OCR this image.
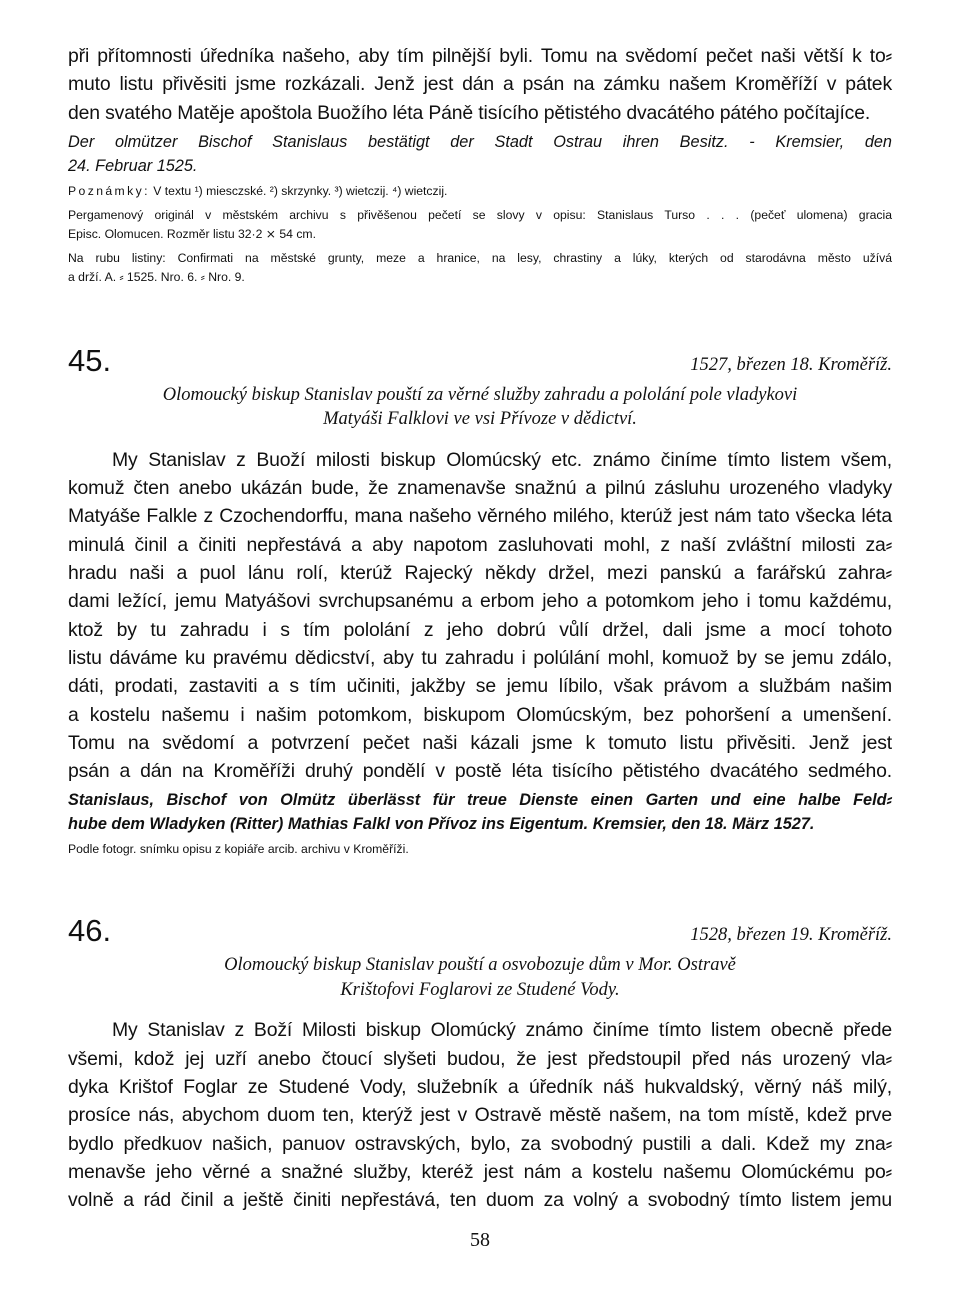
při přítomnosti úředníka našeho, aby tím pilnější byli. Tomu na svědomí pečet naši větší k to⸗
muto listu přivěsiti jsme rozkázali. Jenž jest dán a psán na zámku našem Kroměříží v pátek
den svatého Matěje apoštola Buožího léta Páně tisícího pětistého dvacátého pátého počítajíce.
Der olmützer Bischof Stanislaus bestätigt der Stadt Ostrau ihren Besitz. - Kremsier, den
24. Februar 1525.
Poznámky: V textu ¹) miesczské. ²) skrzynky. ³) wietczij. ⁴) wietczij.
Pergamenový originál v městském archivu s přivěšenou pečetí se slovy v opisu: Stanislaus Turso . . . (pečeť ulomena) gracia
Episc. Olomucen. Rozměr listu 32·2 ⨯ 54 cm.
Na rubu listiny: Confirmati na městské grunty, meze a hranice, na lesy, chrastiny a lúky, kterých od starodávna město užívá
a drží. A. ⸗ 1525. Nro. 6. ⸗ Nro. 9.
45.	1527, březen 18. Kroměříž.
Olomoucký biskup Stanislav pouští za věrné služby zahradu a pololání pole vladykovi
Matyáši Falklovi ve vsi Přívoze v dědictví.
My Stanislav z Buoží milosti biskup Olomúcský etc. známo činíme tímto listem všem,
komuž čten anebo ukázán bude, že znamenavše snažnú a pilnú zásluhu urozeného vladyky
Matyáše Falkle z Czochendorffu, mana našeho věrného milého, kterúž jest nám tato všecka léta
minulá činil a činiti nepřestává a aby napotom zasluhovati mohl, z naší zvláštní milosti za⸗
hradu naši a puol lánu rolí, kterúž Rajecký někdy držel, mezi panskú a farářskú zahra⸗
dami ležící, jemu Matyášovi svrchupsanému a erbom jeho a potomkom jeho i tomu každému,
ktož by tu zahradu i s tím pololání z jeho dobrú vůlí držel, dali jsme a mocí tohoto
listu dáváme ku pravému dědicství, aby tu zahradu i polúlání mohl, komuož by se jemu zdálo,
dáti, prodati, zastaviti a s tím učiniti, jakžby se jemu líbilo, však právom a službám našim
a kostelu našemu i našim potomkom, biskupom Olomúcským, bez pohoršení a umenšení.
Tomu na svědomí a potvrzení pečet naši kázali jsme k tomuto listu přivěsiti. Jenž jest
psán a dán na Kroměříži druhý pondělí v postě léta tisícího pětistého dvacátého sedmého.
Stanislaus, Bischof von Olmütz überlässt für treue Dienste einen Garten und eine halbe Feld⸗
hube dem Wladyken (Ritter) Mathias Falkl von Přívoz ins Eigentum. Kremsier, den 18. März 1527.
Podle fotogr. snímku opisu z kopiáře arcib. archivu v Kroměříži.
46.	1528, březen 19. Kroměříž.
Olomoucký biskup Stanislav pouští a osvobozuje dům v Mor. Ostravě
Krištofovi Foglarovi ze Studené Vody.
My Stanislav z Boží Milosti biskup Olomúcký známo činíme tímto listem obecně přede
všemi, kdož jej uzří anebo čtoucí slyšeti budou, že jest předstoupil před nás urozený vla⸗
dyka Krištof Foglar ze Studené Vody, služebník a úředník náš hukvaldský, věrný náš milý,
prosíce nás, abychom duom ten, kterýž jest v Ostravě městě našem, na tom místě, kdež prve
bydlo předkuov našich, panuov ostravských, bylo, za svobodný pustili a dali. Kdež my zna⸗
menavše jeho věrné a snažné služby, kteréž jest nám a kostelu našemu Olomúckému po⸗
volně a rád činil a ještě činiti nepřestává, ten duom za volný a svobodný tímto listem jemu
58
